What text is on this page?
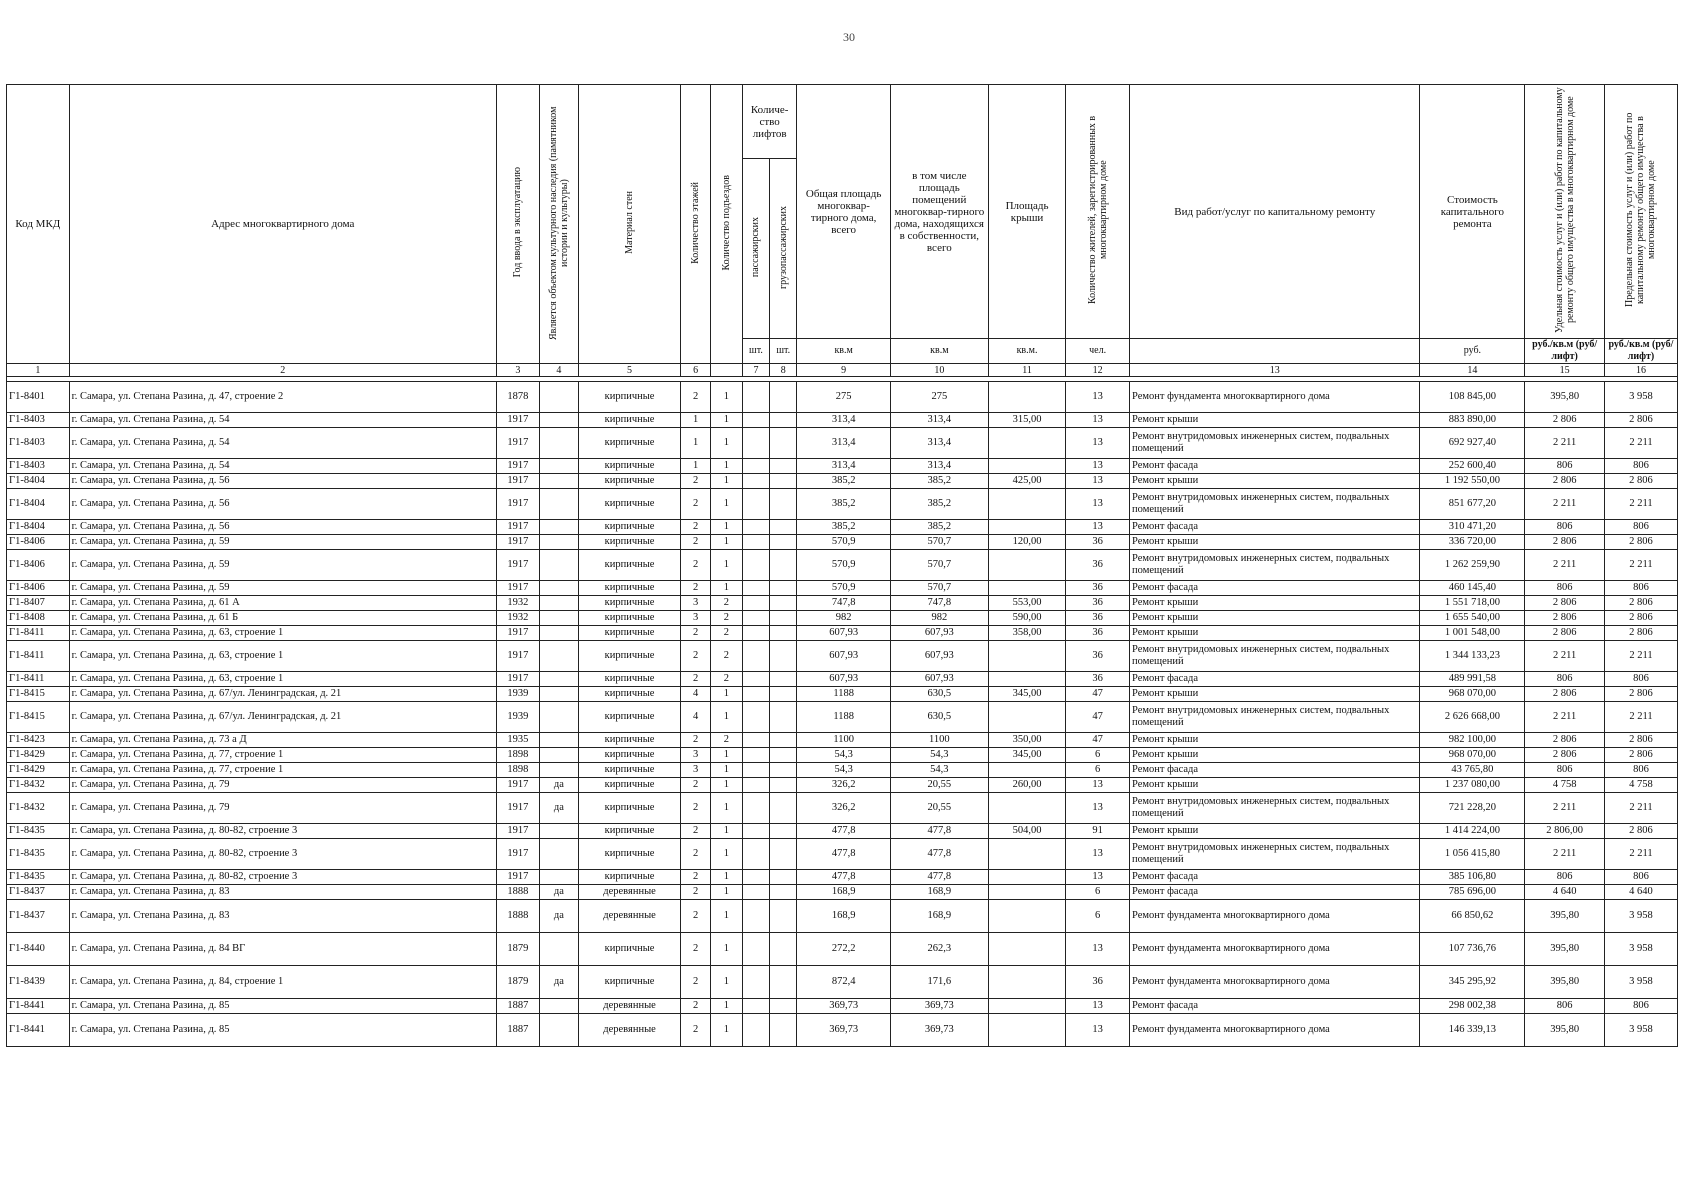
30
Код МКД	Адрес многоквартирного дома	Год ввода в эксплуатацию	Является объектом культурного наследия (памятником истории и культуры)	Материал стен	Количество этажей	Количество подъездов	Количе-ство лифтов		Общая площадь многоквар-тирного дома, всего	в том числе площадь помещений многоквар-тирного дома, находящихся в собственности, всего	Площадь крыши	Количество жителей, зарегистрированных в многоквартирном доме	Вид работ/услуг по капитальному ремонту	Стоимость капитального ремонта	Удельная стоимость услуг и (или) работ по капитальному ремонту общего имущества в многоквартирном доме	Предельная стоимость услуг и (или) работ по капитальному ремонту общего имущества в многоквартирном доме
							пассажирских	грузопассажирских								
							шт.	шт.	кв.м	кв.м	кв.м.	чел.		руб.	руб./кв.м (руб/лифт)	руб./кв.м (руб/лифт)
1	2	3	4	5	6		7	8	9	10	11	12	13	14	15	16

Г1-8401	г. Самара, ул. Степана Разина, д. 47, строение 2	1878		кирпичные	2	1			275	275		13	Ремонт фундамента многоквартирного дома	108 845,00	395,80	3 958
Г1-8403	г. Самара, ул. Степана Разина, д. 54	1917		кирпичные	1	1			313,4	313,4	315,00	13	Ремонт крыши	883 890,00	2 806	2 806
Г1-8403	г. Самара, ул. Степана Разина, д. 54	1917		кирпичные	1	1			313,4	313,4		13	Ремонт внутридомовых инженерных систем, подвальных помещений	692 927,40	2 211	2 211
Г1-8403	г. Самара, ул. Степана Разина, д. 54	1917		кирпичные	1	1			313,4	313,4		13	Ремонт фасада	252 600,40	806	806
Г1-8404	г. Самара, ул. Степана Разина, д. 56	1917		кирпичные	2	1			385,2	385,2	425,00	13	Ремонт крыши	1 192 550,00	2 806	2 806
Г1-8404	г. Самара, ул. Степана Разина, д. 56	1917		кирпичные	2	1			385,2	385,2		13	Ремонт внутридомовых инженерных систем, подвальных помещений	851 677,20	2 211	2 211
Г1-8404	г. Самара, ул. Степана Разина, д. 56	1917		кирпичные	2	1			385,2	385,2		13	Ремонт фасада	310 471,20	806	806
Г1-8406	г. Самара, ул. Степана Разина, д. 59	1917		кирпичные	2	1			570,9	570,7	120,00	36	Ремонт крыши	336 720,00	2 806	2 806
Г1-8406	г. Самара, ул. Степана Разина, д. 59	1917		кирпичные	2	1			570,9	570,7		36	Ремонт внутридомовых инженерных систем, подвальных помещений	1 262 259,90	2 211	2 211
Г1-8406	г. Самара, ул. Степана Разина, д. 59	1917		кирпичные	2	1			570,9	570,7		36	Ремонт фасада	460 145,40	806	806
Г1-8407	г. Самара, ул. Степана Разина, д. 61 А	1932		кирпичные	3	2			747,8	747,8	553,00	36	Ремонт крыши	1 551 718,00	2 806	2 806
Г1-8408	г. Самара, ул. Степана Разина, д. 61 Б	1932		кирпичные	3	2			982	982	590,00	36	Ремонт крыши	1 655 540,00	2 806	2 806
Г1-8411	г. Самара, ул. Степана Разина, д. 63, строение 1	1917		кирпичные	2	2			607,93	607,93	358,00	36	Ремонт крыши	1 001 548,00	2 806	2 806
Г1-8411	г. Самара, ул. Степана Разина, д. 63, строение 1	1917		кирпичные	2	2			607,93	607,93		36	Ремонт внутридомовых инженерных систем, подвальных помещений	1 344 133,23	2 211	2 211
Г1-8411	г. Самара, ул. Степана Разина, д. 63, строение 1	1917		кирпичные	2	2			607,93	607,93		36	Ремонт фасада	489 991,58	806	806
Г1-8415	г. Самара, ул. Степана Разина, д. 67/ул. Ленинградская, д. 21	1939		кирпичные	4	1			1188	630,5	345,00	47	Ремонт крыши	968 070,00	2 806	2 806
Г1-8415	г. Самара, ул. Степана Разина, д. 67/ул. Ленинградская, д. 21	1939		кирпичные	4	1			1188	630,5		47	Ремонт внутридомовых инженерных систем, подвальных помещений	2 626 668,00	2 211	2 211
Г1-8423	г. Самара, ул. Степана Разина, д. 73 а Д	1935		кирпичные	2	2			1100	1100	350,00	47	Ремонт крыши	982 100,00	2 806	2 806
Г1-8429	г. Самара, ул. Степана Разина, д. 77, строение 1	1898		кирпичные	3	1			54,3	54,3	345,00	6	Ремонт крыши	968 070,00	2 806	2 806
Г1-8429	г. Самара, ул. Степана Разина, д. 77, строение 1	1898		кирпичные	3	1			54,3	54,3		6	Ремонт фасада	43 765,80	806	806
Г1-8432	г. Самара, ул. Степана Разина, д. 79	1917	да	кирпичные	2	1			326,2	20,55	260,00	13	Ремонт крыши	1 237 080,00	4 758	4 758
Г1-8432	г. Самара, ул. Степана Разина, д. 79	1917	да	кирпичные	2	1			326,2	20,55		13	Ремонт внутридомовых инженерных систем, подвальных помещений	721 228,20	2 211	2 211
Г1-8435	г. Самара, ул. Степана Разина, д. 80-82, строение 3	1917		кирпичные	2	1			477,8	477,8	504,00	91	Ремонт крыши	1 414 224,00	2 806,00	2 806
Г1-8435	г. Самара, ул. Степана Разина, д. 80-82, строение 3	1917		кирпичные	2	1			477,8	477,8		13	Ремонт внутридомовых инженерных систем, подвальных помещений	1 056 415,80	2 211	2 211
Г1-8435	г. Самара, ул. Степана Разина, д. 80-82, строение 3	1917		кирпичные	2	1			477,8	477,8		13	Ремонт фасада	385 106,80	806	806
Г1-8437	г. Самара, ул. Степана Разина, д. 83	1888	да	деревянные	2	1			168,9	168,9		6	Ремонт фасада	785 696,00	4 640	4 640
Г1-8437	г. Самара, ул. Степана Разина, д. 83	1888	да	деревянные	2	1			168,9	168,9		6	Ремонт фундамента многоквартирного дома	66 850,62	395,80	3 958
Г1-8440	г. Самара, ул. Степана Разина, д. 84 ВГ	1879		кирпичные	2	1			272,2	262,3		13	Ремонт фундамента многоквартирного дома	107 736,76	395,80	3 958
Г1-8439	г. Самара, ул. Степана Разина, д. 84, строение 1	1879	да	кирпичные	2	1			872,4	171,6		36	Ремонт фундамента многоквартирного дома	345 295,92	395,80	3 958
Г1-8441	г. Самара, ул. Степана Разина, д. 85	1887		деревянные	2	1			369,73	369,73		13	Ремонт фасада	298 002,38	806	806
Г1-8441	г. Самара, ул. Степана Разина, д. 85	1887		деревянные	2	1			369,73	369,73		13	Ремонт фундамента многоквартирного дома	146 339,13	395,80	3 958
